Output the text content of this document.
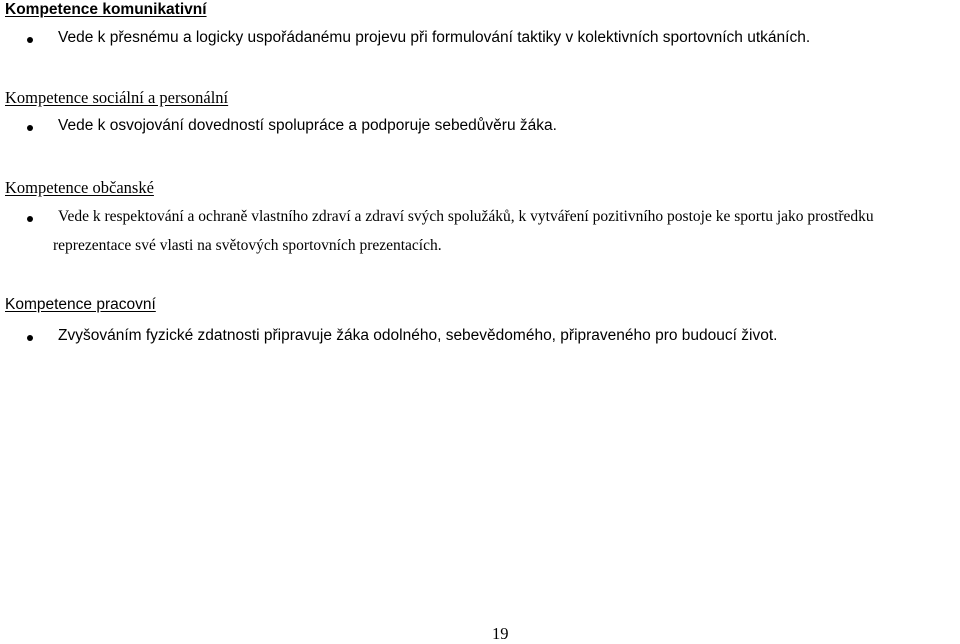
Kompetence komunikativní
Vede k přesnému a logicky uspořádanému projevu při formulování taktiky v kolektivních sportovních utkáních.
Kompetence sociální a personální
Vede k osvojování dovedností spolupráce a podporuje sebedůvěru žáka.
Kompetence občanské
Vede k respektování a ochraně vlastního zdraví a zdraví svých spolužáků, k vytváření pozitivního postoje ke sportu jako prostředku
reprezentace své vlasti na světových sportovních prezentacích.
Kompetence pracovní
Zvyšováním fyzické zdatnosti připravuje žáka odolného, sebevědomého, připraveného pro budoucí život.
19
